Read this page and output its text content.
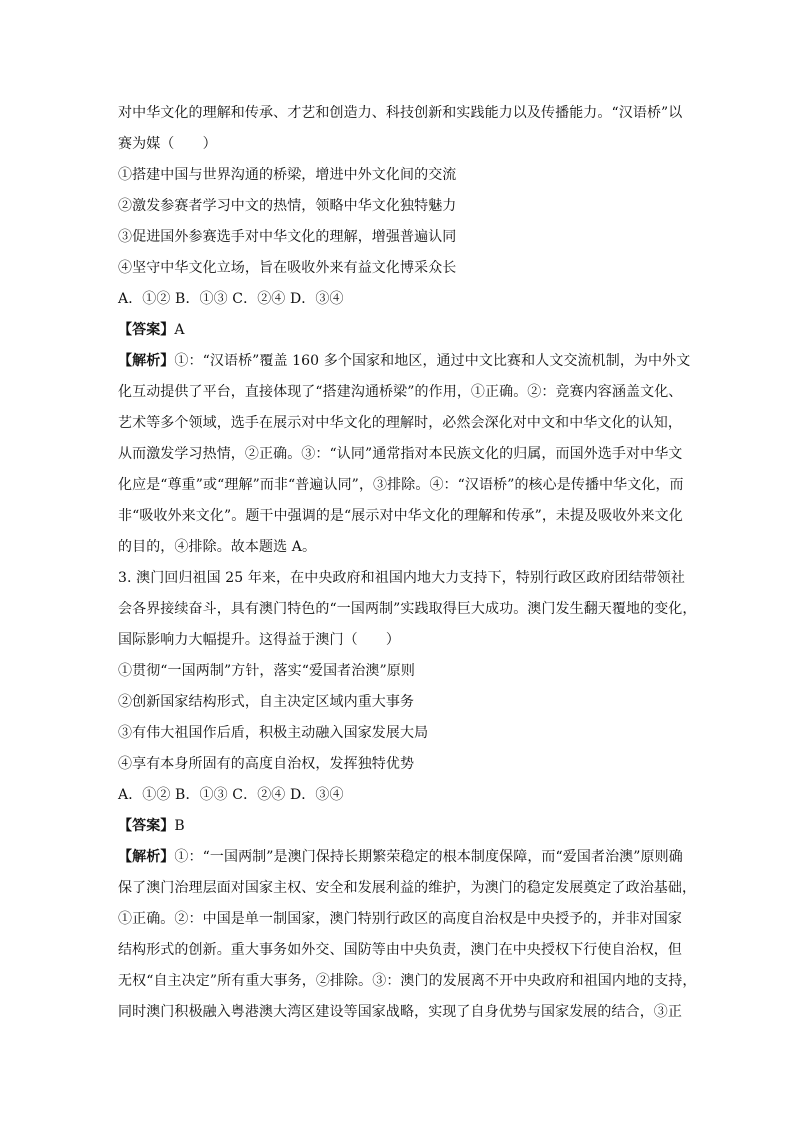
对中华文化的理解和传承、才艺和创造力、科技创新和实践能力以及传播能力。“汉语桥”以
赛为媒（　　）
①搭建中国与世界沟通的桥梁，增进中外文化间的交流
②激发参赛者学习中文的热情，领略中华文化独特魅力
③促进国外参赛选手对中华文化的理解，增强普遍认同
④坚守中华文化立场，旨在吸收外来有益文化博采众长
A．①② B．①③ C．②④ D．③④
【答案】A
【解析】①：“汉语桥”覆盖 160 多个国家和地区，通过中文比赛和人文交流机制，为中外文
化互动提供了平台，直接体现了“搭建沟通桥梁”的作用，①正确。②：竞赛内容涵盖文化、
艺术等多个领域，选手在展示对中华文化的理解时，必然会深化对中文和中华文化的认知，
从而激发学习热情，②正确。③：“认同”通常指对本民族文化的归属，而国外选手对中华文
化应是“尊重”或“理解”而非“普遍认同”，③排除。④：“汉语桥”的核心是传播中华文化，而
非“吸收外来文化”。题干中强调的是“展示对中华文化的理解和传承”，未提及吸收外来文化
的目的，④排除。故本题选 A。
3. 澳门回归祖国 25 年来，在中央政府和祖国内地大力支持下，特别行政区政府团结带领社
会各界接续奋斗，具有澳门特色的“一国两制”实践取得巨大成功。澳门发生翻天覆地的变化，
国际影响力大幅提升。这得益于澳门（　　）
①贯彻“一国两制”方针，落实“爱国者治澳”原则
②创新国家结构形式，自主决定区域内重大事务
③有伟大祖国作后盾，积极主动融入国家发展大局
④享有本身所固有的高度自治权，发挥独特优势
A．①② B．①③ C．②④ D．③④
【答案】B
【解析】①：“一国两制”是澳门保持长期繁荣稳定的根本制度保障，而“爱国者治澳”原则确
保了澳门治理层面对国家主权、安全和发展利益的维护，为澳门的稳定发展奠定了政治基础，
①正确。②：中国是单一制国家，澳门特别行政区的高度自治权是中央授予的，并非对国家
结构形式的创新。重大事务如外交、国防等由中央负责，澳门在中央授权下行使自治权，但
无权“自主决定”所有重大事务，②排除。③：澳门的发展离不开中央政府和祖国内地的支持，
同时澳门积极融入粤港澳大湾区建设等国家战略，实现了自身优势与国家发展的结合，③正
